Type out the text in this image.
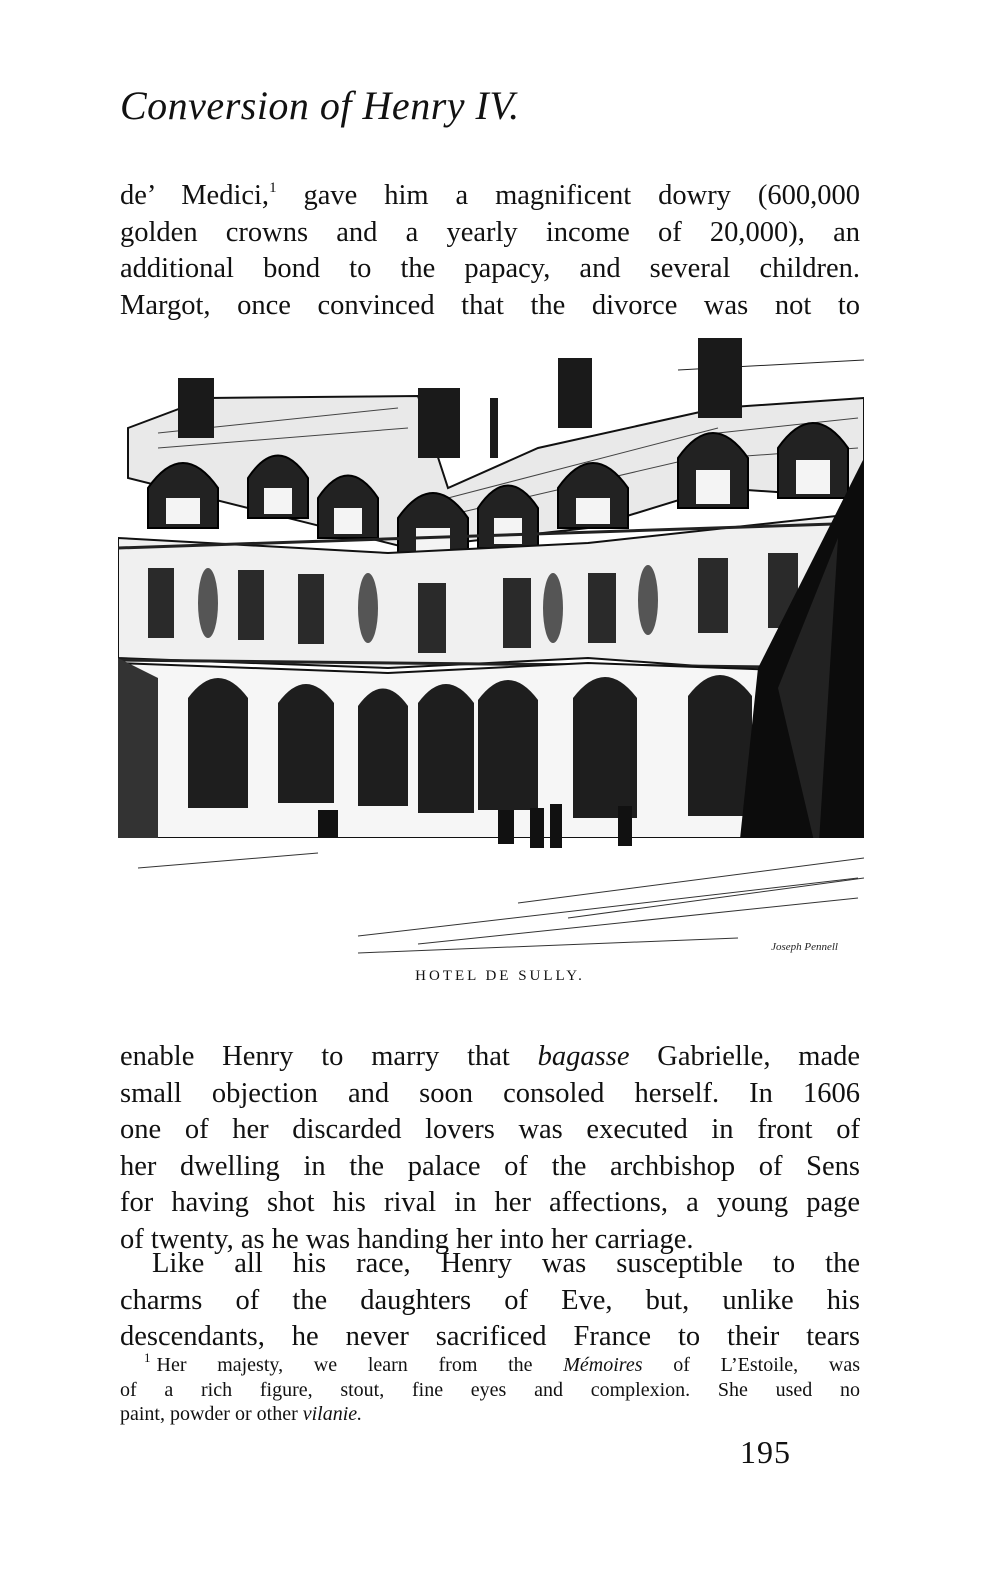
Conversion of Henry IV.
de’ Medici,$^1$ gave him a magnificent dowry (600,000
golden crowns and a yearly income of 20,000), an
additional bond to the papacy, and several children.
Margot, once convinced that the divorce was not to
Joseph Pennell
HOTEL DE SULLY.
enable Henry to marry that bagasse Gabrielle, made
small objection and soon consoled herself. In 1606
one of her discarded lovers was executed in front of
her dwelling in the palace of the archbishop of Sens
for having shot his rival in her affections, a young page
of twenty, as he was handing her into her carriage.
Like all his race, Henry was susceptible to the
charms of the daughters of Eve, but, unlike his
descendants, he never sacrificed France to their tears
$^1$ Her majesty, we learn from the Mémoires of L’Estoile, was
of a rich figure, stout, fine eyes and complexion. She used no
paint, powder or other vilanie.
195
